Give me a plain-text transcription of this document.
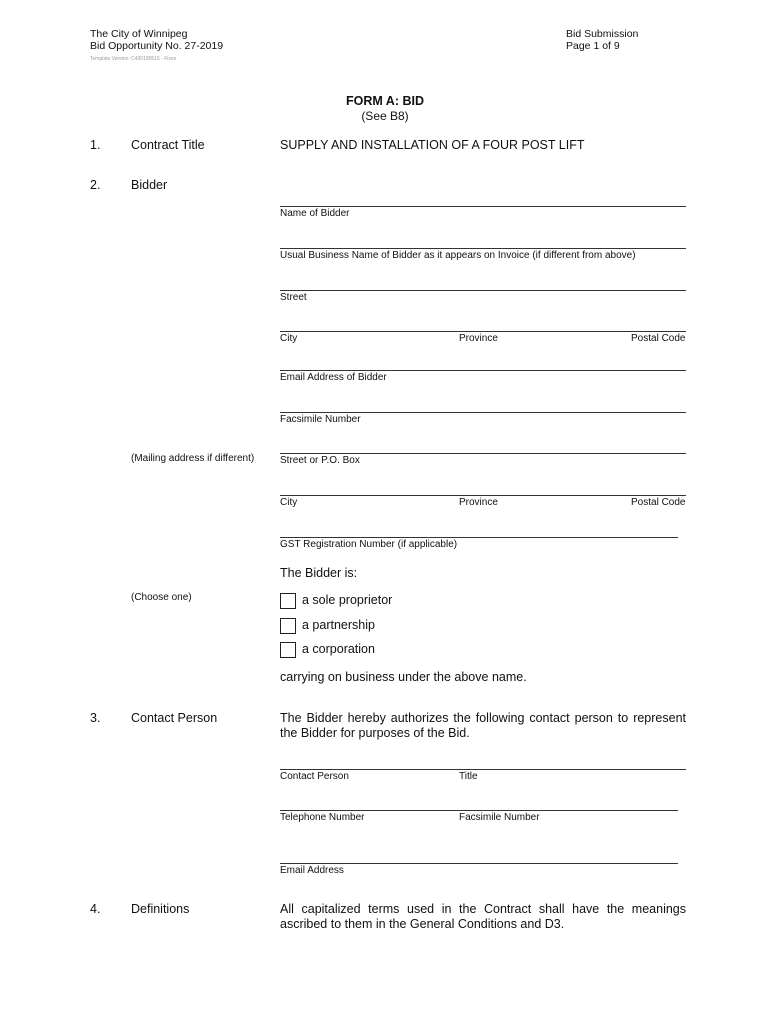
The City of Winnipeg
Bid Opportunity No. 27-2019
Template Version: C420190515 - Fixes
Bid Submission
Page 1 of 9
FORM A: BID
(See B8)
1. Contract Title	SUPPLY AND INSTALLATION OF A FOUR POST LIFT
2. Bidder
Name of Bidder
Usual Business Name of Bidder as it appears on Invoice (if different from above)
Street
City	Province	Postal Code
Email Address of Bidder
Facsimile Number
(Mailing address if different)	Street or P.O. Box
City	Province	Postal Code
GST Registration Number (if applicable)
The Bidder is:
(Choose one)	a sole proprietor
a partnership
a corporation
carrying on business under the above name.
3. Contact Person	The Bidder hereby authorizes the following contact person to represent the Bidder for purposes of the Bid.
Contact Person	Title
Telephone Number	Facsimile Number
Email Address
4. Definitions	All capitalized terms used in the Contract shall have the meanings ascribed to them in the General Conditions and D3.
